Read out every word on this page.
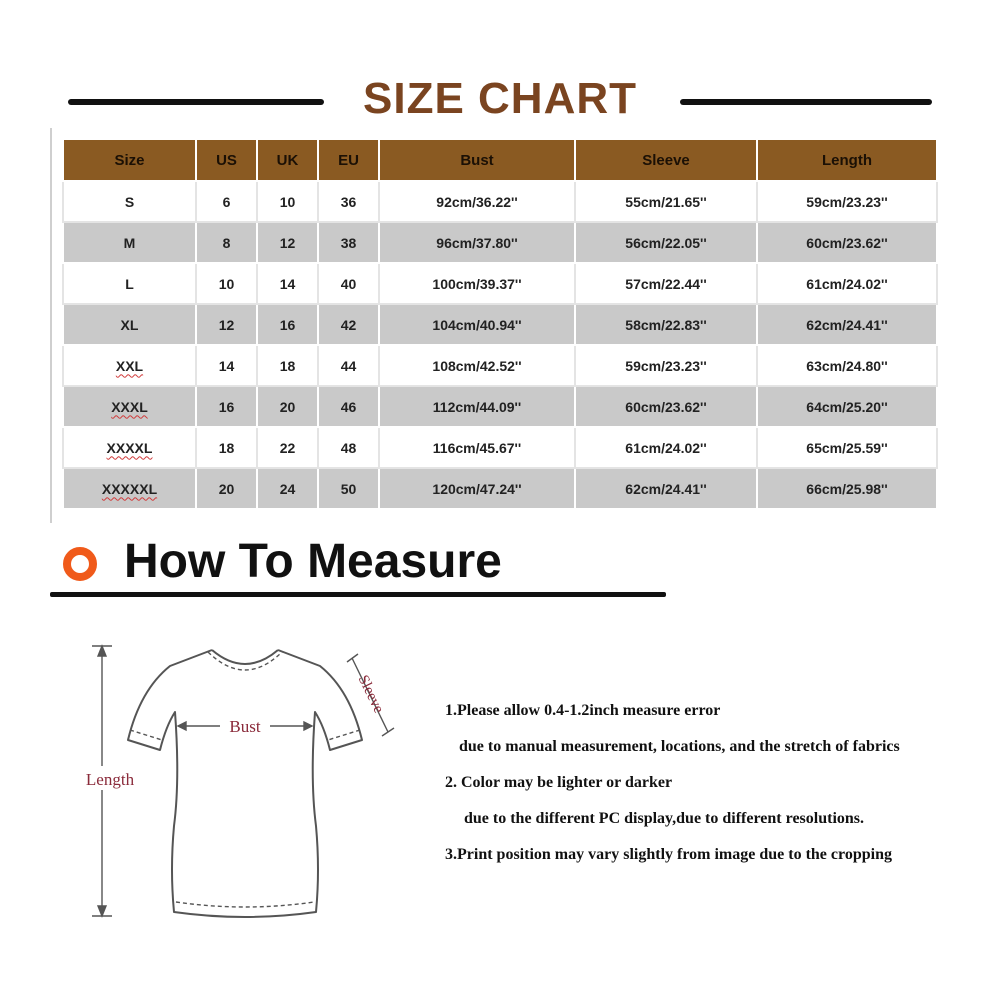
SIZE CHART
Size	US	UK	EU	Bust	Sleeve	Length
S	6	10	36	92cm/36.22''	55cm/21.65''	59cm/23.23''
M	8	12	38	96cm/37.80''	56cm/22.05''	60cm/23.62''
L	10	14	40	100cm/39.37''	57cm/22.44''	61cm/24.02''
XL	12	16	42	104cm/40.94''	58cm/22.83''	62cm/24.41''
XXL	14	18	44	108cm/42.52''	59cm/23.23''	63cm/24.80''
XXXL	16	20	46	112cm/44.09''	60cm/23.62''	64cm/25.20''
XXXXL	18	22	48	116cm/45.67''	61cm/24.02''	65cm/25.59''
XXXXXL	20	24	50	120cm/47.24''	62cm/24.41''	66cm/25.98''
How To Measure
Bust
Length
Sleeve	1.Please allow 0.4-1.2inch measure error
due to manual measurement, locations, and the stretch of fabrics
2. Color may be lighter or darker
due to the different PC display,due to different resolutions.
3.Print position may vary slightly from image due to the cropping
